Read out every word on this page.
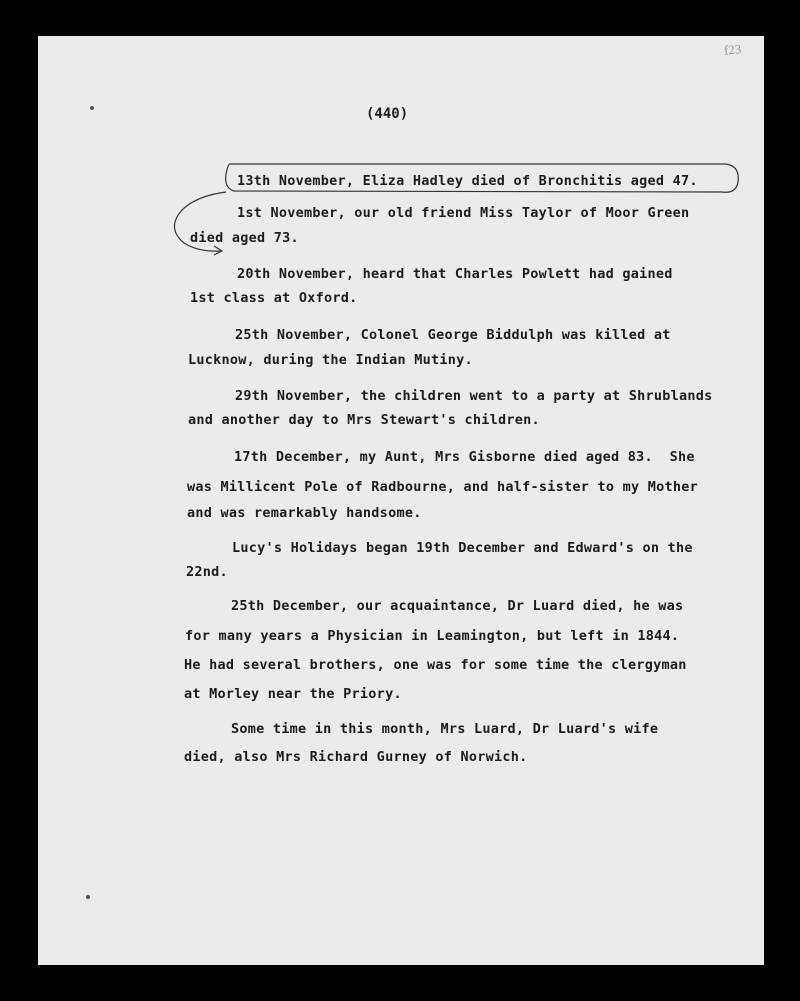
f23
(440)
13th November, Eliza Hadley died of Bronchitis aged 47.
1st November, our old friend Miss Taylor of Moor Green
died aged 73.
20th November, heard that Charles Powlett had gained
1st class at Oxford.
25th November, Colonel George Biddulph was killed at
Lucknow, during the Indian Mutiny.
29th November, the children went to a party at Shrublands
and another day to Mrs Stewart's children.
17th December, my Aunt, Mrs Gisborne died aged 83.  She
was Millicent Pole of Radbourne, and half-sister to my Mother
and was remarkably handsome.
Lucy's Holidays began 19th December and Edward's on the
22nd.
25th December, our acquaintance, Dr Luard died, he was
for many years a Physician in Leamington, but left in 1844.
He had several brothers, one was for some time the clergyman
at Morley near the Priory.
Some time in this month, Mrs Luard, Dr Luard's wife
died, also Mrs Richard Gurney of Norwich.
